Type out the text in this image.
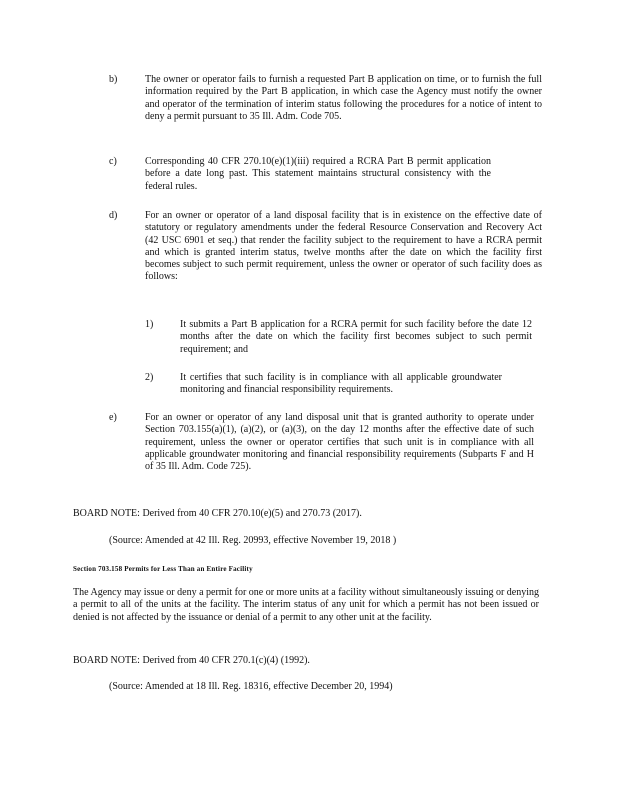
b)	The owner or operator fails to furnish a requested Part B application on time, or to furnish the full information required by the Part B application, in which case the Agency must notify the owner and operator of the termination of interim status following the procedures for a notice of intent to deny a permit pursuant to 35 Ill. Adm. Code 705.

c)	Corresponding 40 CFR 270.10(e)(1)(iii) required a RCRA Part B permit application before a date long past. This statement maintains structural consistency with the federal rules.

d)	For an owner or operator of a land disposal facility that is in existence on the effective date of statutory or regulatory amendments under the federal Resource Conservation and Recovery Act (42 USC 6901 et seq.) that render the facility subject to the requirement to have a RCRA permit and which is granted interim status, twelve months after the date on which the facility first becomes subject to such permit requirement, unless the owner or operator of such facility does as follows:

1)	It submits a Part B application for a RCRA permit for such facility before the date 12 months after the date on which the facility first becomes subject to such permit requirement; and

2)	It certifies that such facility is in compliance with all applicable groundwater monitoring and financial responsibility requirements.

e)	For an owner or operator of any land disposal unit that is granted authority to operate under Section 703.155(a)(1), (a)(2), or (a)(3), on the day 12 months after the effective date of such requirement, unless the owner or operator certifies that such unit is in compliance with all applicable groundwater monitoring and financial responsibility requirements (Subparts F and H of 35 Ill. Adm. Code 725).

BOARD NOTE: Derived from 40 CFR 270.10(e)(5) and 270.73 (2017).
(Source: Amended at 42 Ill. Reg. 20993, effective November 19, 2018 )
Section 703.158 Permits for Less Than an Entire Facility

The Agency may issue or deny a permit for one or more units at a facility without simultaneously issuing or denying a permit to all of the units at the facility. The interim status of any unit for which a permit has not been issued or denied is not affected by the issuance or denial of a permit to any other unit at the facility.

BOARD NOTE: Derived from 40 CFR 270.1(c)(4) (1992).
(Source: Amended at 18 Ill. Reg. 18316, effective December 20, 1994)
